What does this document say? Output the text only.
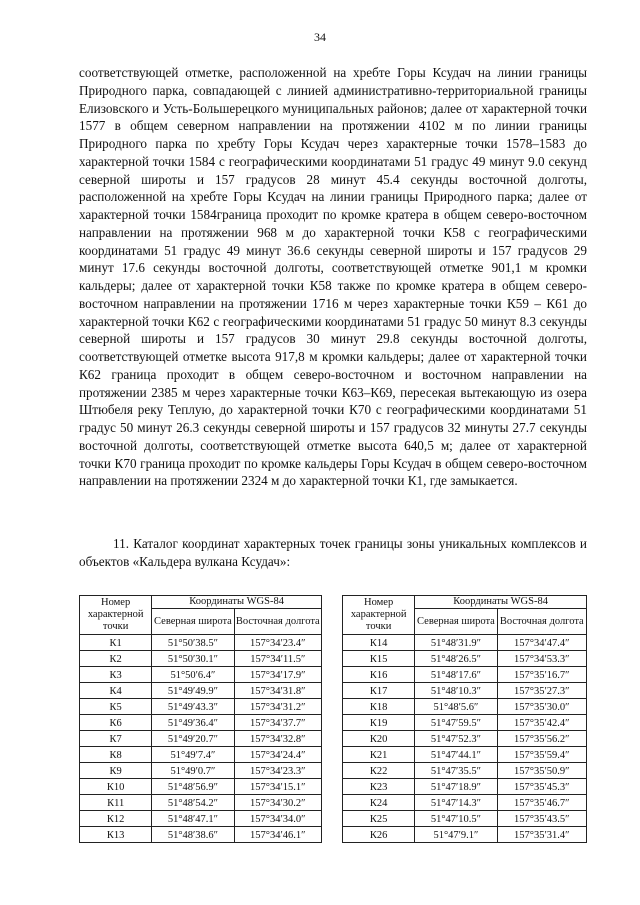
34

соответствующей отметке, расположенной на хребте Горы Ксудач на линии границы Природного парка, совпадающей с линией административно-территориальной границы Елизовского и Усть-Большерецкого муниципальных районов; далее от характерной точки 1577 в общем северном направлении на протяжении 4102 м по линии границы Природного парка по хребту Горы Ксудач через характерные точки 1578–1583 до характерной точки 1584 с географическими координатами 51 градус 49 минут 9.0 секунд северной широты и 157 градусов 28 минут 45.4 секунды восточной долготы, расположенной на хребте Горы Ксудач на линии границы Природного парка; далее от характерной точки 1584граница проходит по кромке кратера в общем северо-восточном направлении на протяжении 968 м до характерной точки К58 с географическими координатами 51 градус 49 минут 36.6 секунды северной широты и 157 градусов 29 минут 17.6 секунды восточной долготы, соответствующей отметке 901,1 м кромки кальдеры; далее от характерной точки К58 также по кромке кратера в общем северо-восточном направлении на протяжении 1716 м через характерные точки К59 – К61 до характерной точки К62 с географическими координатами 51 градус 50 минут 8.3 секунды северной широты и 157 градусов 30 минут 29.8 секунды восточной долготы, соответствующей отметке высота 917,8 м кромки кальдеры; далее от характерной точки К62 граница проходит в общем северо-восточном и восточном направлении на протяжении 2385 м через характерные точки К63–К69, пересекая вытекающую из озера Штюбеля реку Теплую, до характерной точки К70 с географическими координатами 51 градус 50 минут 26.3 секунды северной широты и 157 градусов 32 минуты 27.7 секунды восточной долготы, соответствующей отметке высота 640,5 м; далее от характерной точки К70 граница проходит по кромке кальдеры Горы Ксудач в общем северо-восточном направлении на протяжении 2324 м до характерной точки К1, где замыкается.

11. Каталог координат характерных точек границы зоны уникальных комплексов и объектов «Кальдера вулкана Ксудач»:

Номер характерной точки	Координаты WGS-84	
	Северная широта	Восточная долгота
К1	51°50′38.5″	157°34′23.4″
К2	51°50′30.1″	157°34′11.5″
К3	51°50′6.4″	157°34′17.9″
К4	51°49′49.9″	157°34′31.8″
К5	51°49′43.3″	157°34′31.2″
К6	51°49′36.4″	157°34′37.7″
К7	51°49′20.7″	157°34′32.8″
К8	51°49′7.4″	157°34′24.4″
К9	51°49′0.7″	157°34′23.3″
К10	51°48′56.9″	157°34′15.1″
К11	51°48′54.2″	157°34′30.2″
К12	51°48′47.1″	157°34′34.0″
К13	51°48′38.6″	157°34′46.1″
Номер характерной точки	Координаты WGS-84	
	Северная широта	Восточная долгота
К14	51°48′31.9″	157°34′47.4″
К15	51°48′26.5″	157°34′53.3″
К16	51°48′17.6″	157°35′16.7″
К17	51°48′10.3″	157°35′27.3″
К18	51°48′5.6″	157°35′30.0″
К19	51°47′59.5″	157°35′42.4″
К20	51°47′52.3″	157°35′56.2″
К21	51°47′44.1″	157°35′59.4″
К22	51°47′35.5″	157°35′50.9″
К23	51°47′18.9″	157°35′45.3″
К24	51°47′14.3″	157°35′46.7″
К25	51°47′10.5″	157°35′43.5″
К26	51°47′9.1″	157°35′31.4″
